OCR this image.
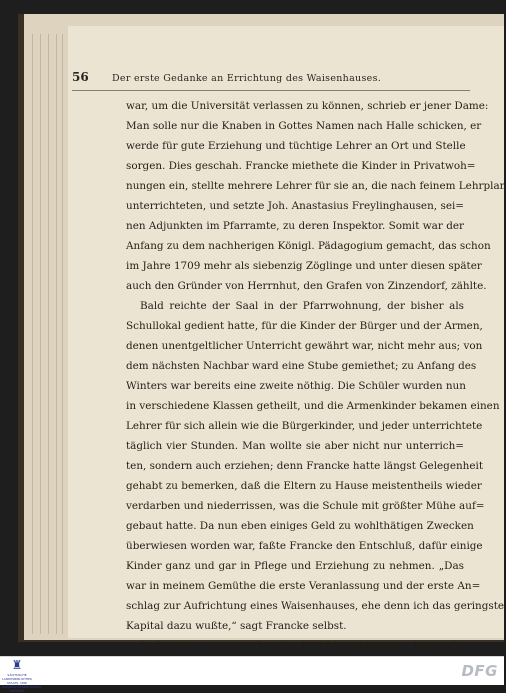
56	Der erste Gedanke an Errichtung des Waisenhauses.
war, um die Universität verlassen zu können, schrieb er jener Dame:
Man solle nur die Knaben in Gottes Namen nach Halle schicken, er
werde für gute Erziehung und tüchtige Lehrer an Ort und Stelle
sorgen. Dies geschah. Francke miethete die Kinder in Privatwoh=
nungen ein, stellte mehrere Lehrer für sie an, die nach feinem Lehrplan
unterrichteten, und setzte Joh. Anastasius Freylinghausen, sei=
nen Adjunkten im Pfarramte, zu deren Inspektor. Somit war der
Anfang zu dem nachherigen Königl. Pädagogium gemacht, das schon
im Jahre 1709 mehr als siebenzig Zöglinge und unter diesen später
auch den Gründer von Herrnhut, den Grafen von Zinzendorf, zählte.
Bald reichte der Saal in der Pfarrwohnung, der bisher als
Schullokal gedient hatte, für die Kinder der Bürger und der Armen,
denen unentgeltlicher Unterricht gewährt war, nicht mehr aus; von
dem nächsten Nachbar ward eine Stube gemiethet; zu Anfang des
Winters war bereits eine zweite nöthig. Die Schüler wurden nun
in verschiedene Klassen getheilt, und die Armenkinder bekamen einen
Lehrer für sich allein wie die Bürgerkinder, und jeder unterrichtete
täglich vier Stunden. Man wollte sie aber nicht nur unterrich=
ten, sondern auch erziehen; denn Francke hatte längst Gelegenheit
gehabt zu bemerken, daß die Eltern zu Hause meistentheils wieder
verdarben und niederrissen, was die Schule mit größter Mühe auf=
gebaut hatte. Da nun eben einiges Geld zu wohlthätigen Zwecken
überwiesen worden war, faßte Francke den Entschluß, dafür einige
Kinder ganz und gar in Pflege und Erziehung zu nehmen. „Das
war in meinem Gemüthe die erste Veranlassung und der erste An=
schlag zur Aufrichtung eines Waisenhauses, ehe denn ich das geringste
Kapital dazu wußte,“ sagt Francke selbst.
In ihm war ein guter Geist in die Welt gekommen, dem nicht
♜
SÄCHSISCHE LANDESBIBLIOTHEK STAATS- UND UNIVERSITÄTSBIBLIOTHEK DRESDEN
DFG
